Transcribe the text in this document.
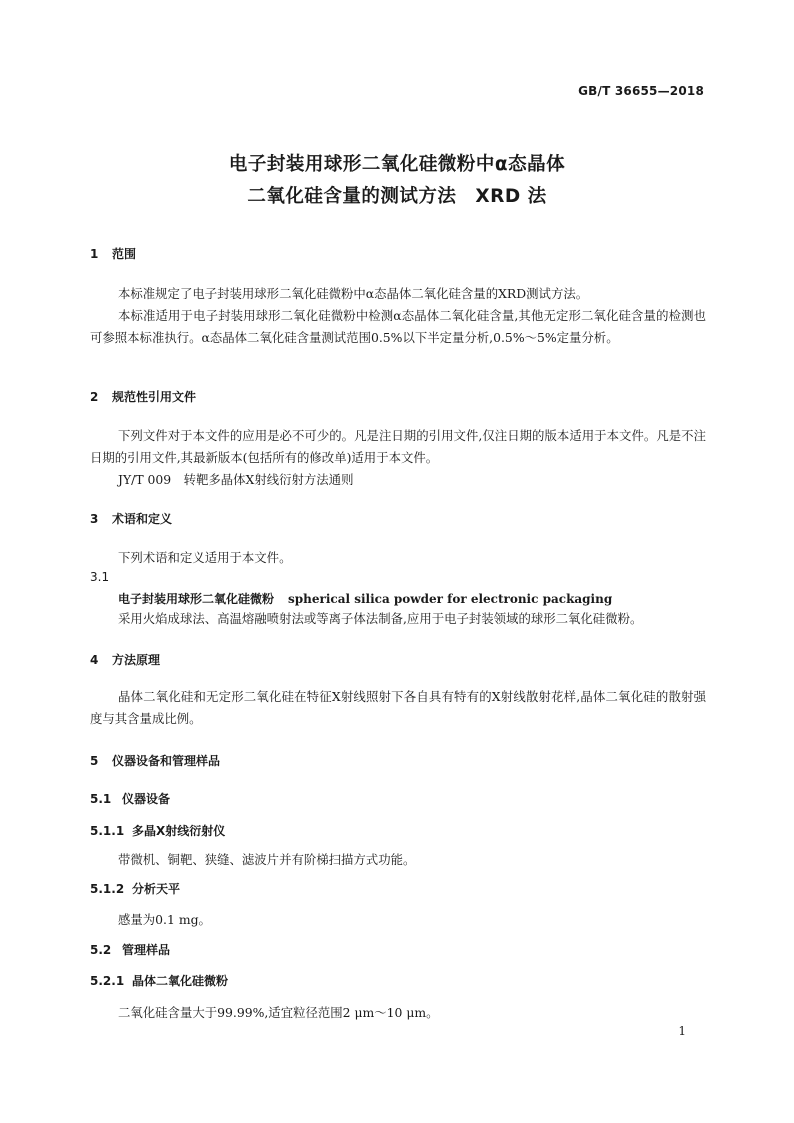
GB/T 36655—2018
电子封装用球形二氧化硅微粉中α态晶体
二氧化硅含量的测试方法　XRD 法
1 范围
本标准规定了电子封装用球形二氧化硅微粉中α态晶体二氧化硅含量的XRD测试方法。
本标准适用于电子封装用球形二氧化硅微粉中检测α态晶体二氧化硅含量,其他无定形二氧化硅含量的检测也可参照本标准执行。α态晶体二氧化硅含量测试范围0.5%以下半定量分析,0.5%～5%定量分析。
2 规范性引用文件
下列文件对于本文件的应用是必不可少的。凡是注日期的引用文件,仅注日期的版本适用于本文件。凡是不注日期的引用文件,其最新版本(包括所有的修改单)适用于本文件。
JY/T 009　转靶多晶体X射线衍射方法通则
3 术语和定义
下列术语和定义适用于本文件。
3.1
电子封装用球形二氧化硅微粉 spherical silica powder for electronic packaging
采用火焰成球法、高温熔融喷射法或等离子体法制备,应用于电子封装领域的球形二氧化硅微粉。
4 方法原理
晶体二氧化硅和无定形二氧化硅在特征X射线照射下各自具有特有的X射线散射花样,晶体二氧化硅的散射强度与其含量成比例。
5 仪器设备和管理样品
5.1 仪器设备
5.1.1 多晶X射线衍射仪
带微机、铜靶、狭缝、滤波片并有阶梯扫描方式功能。
5.1.2 分析天平
感量为0.1 mg。
5.2 管理样品
5.2.1 晶体二氧化硅微粉
二氧化硅含量大于99.99%,适宜粒径范围2 μm～10 μm。
1
